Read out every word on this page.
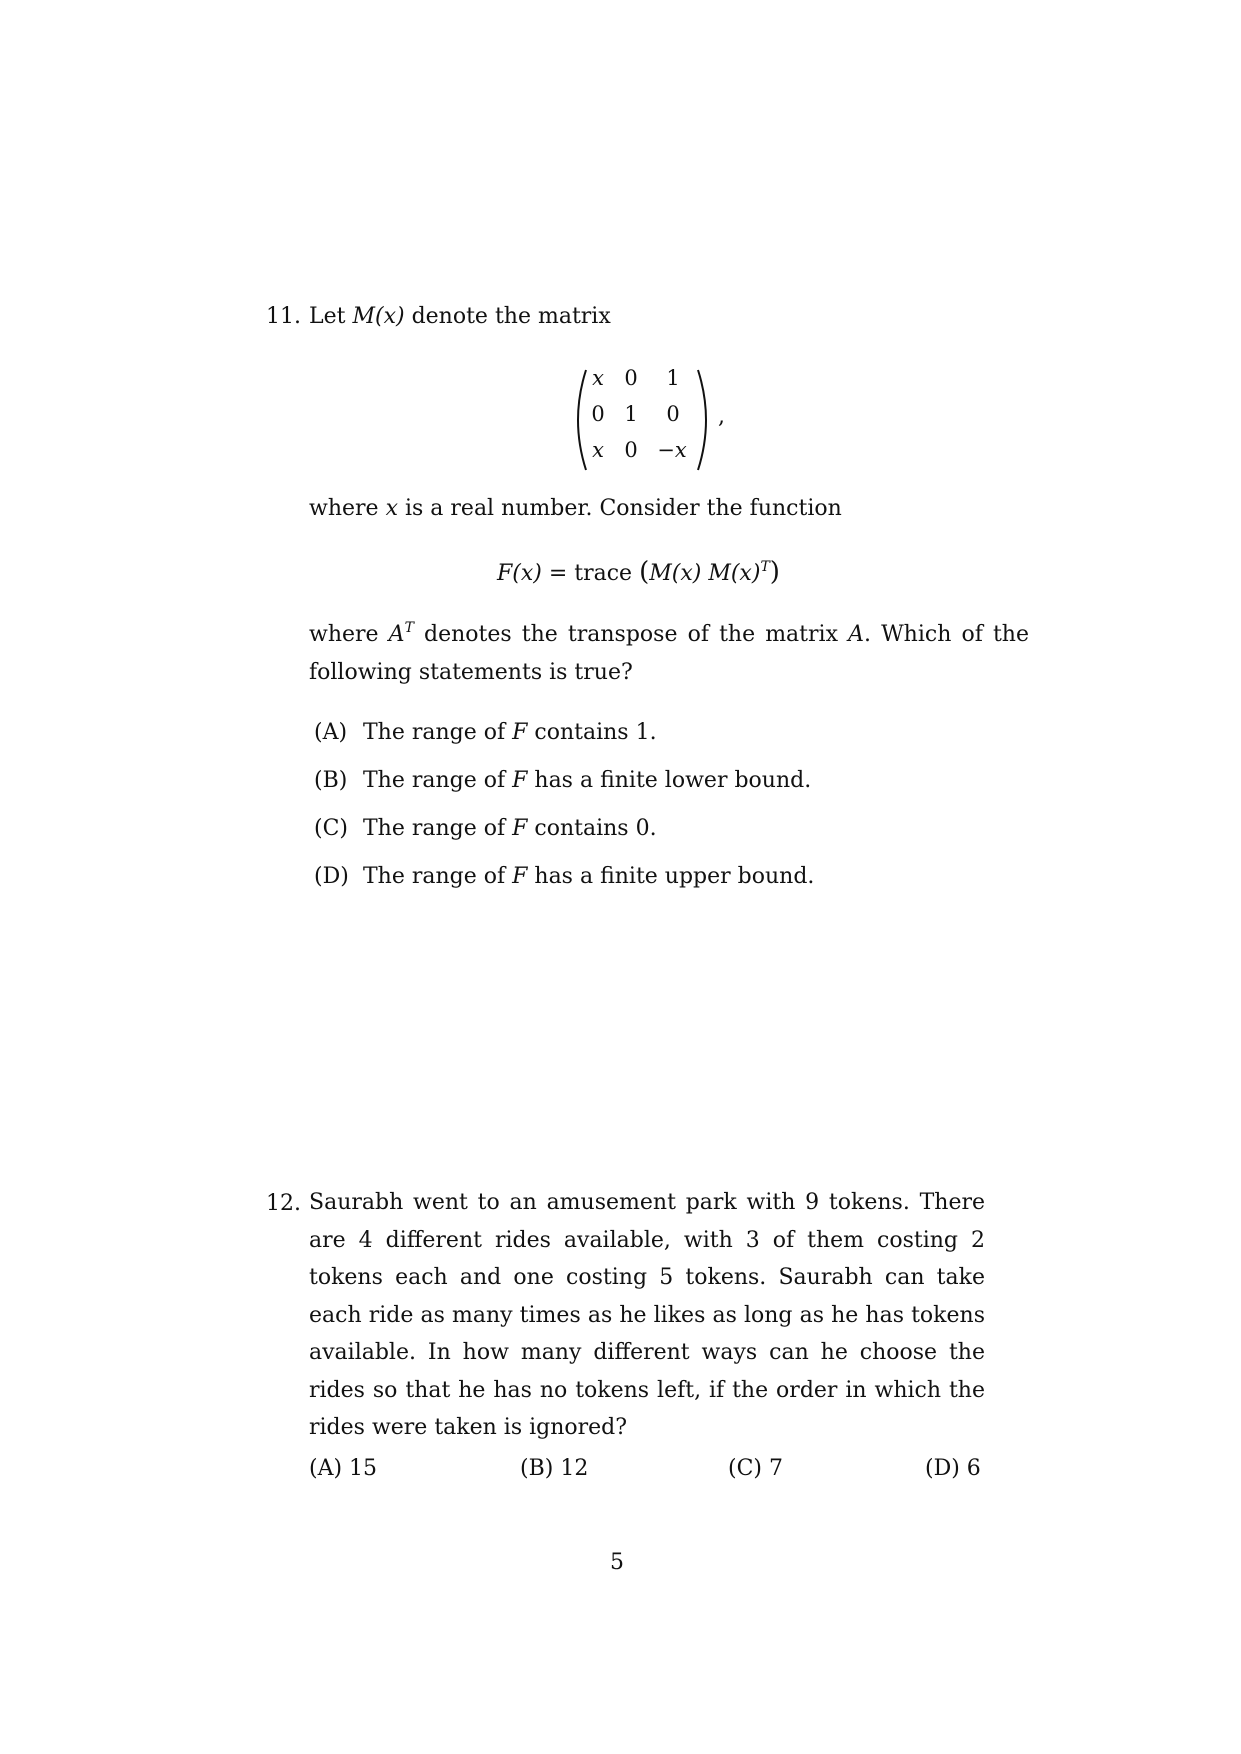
11. Let M(x) denote the matrix
x 0	1
0 1	0
x 0 −x
,
where x is a real number. Consider the function
F(x) = trace (M(x) $M(x)^T$)
where $A^T$ denotes the transpose of the matrix A. Which of the following statements is true?
(A) The range of F contains 1.
(B) The range of F has a finite lower bound.
(C) The range of F contains 0.
(D) The range of F has a finite upper bound.
12. Saurabh went to an amusement park with 9 tokens. There are 4 different rides available, with 3 of them costing 2 tokens each and one costing 5 tokens. Saurabh can take each ride as many times as he likes as long as he has tokens available. In how many different ways can he choose the rides so that he has no tokens left, if the order in which the rides were taken is ignored?
(A) 15	(B) 12	(C) 7	(D) 6
5
